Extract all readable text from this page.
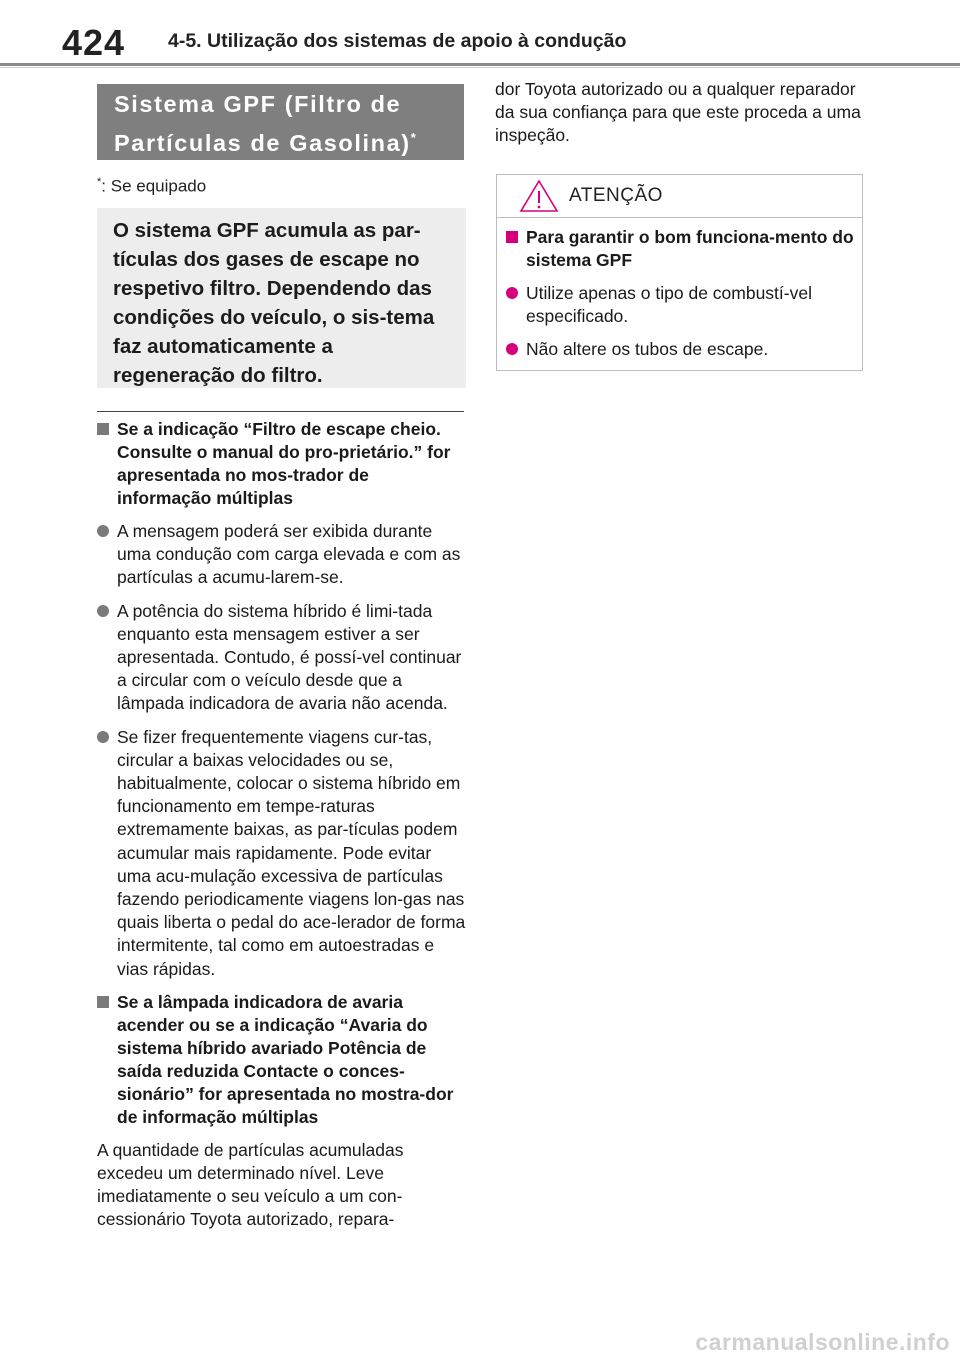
424 4-5. Utilização dos sistemas de apoio à condução
Sistema GPF (Filtro de
Partículas de Gasolina)*
*: Se equipado
O sistema GPF acumula as par-tículas dos gases de escape no respetivo filtro. Dependendo das condições do veículo, o sis-tema faz automaticamente a regeneração do filtro.
Se a indicação “Filtro de escape cheio. Consulte o manual do pro-prietário.” for apresentada no mos-trador de informação múltiplas
A mensagem poderá ser exibida durante uma condução com carga elevada e com as partículas a acumu-larem-se.
A potência do sistema híbrido é limi-tada enquanto esta mensagem estiver a ser apresentada. Contudo, é possí-vel continuar a circular com o veículo desde que a lâmpada indicadora de avaria não acenda.
Se fizer frequentemente viagens cur-tas, circular a baixas velocidades ou se, habitualmente, colocar o sistema híbrido em funcionamento em tempe-raturas extremamente baixas, as par-tículas podem acumular mais rapidamente. Pode evitar uma acu-mulação excessiva de partículas fazendo periodicamente viagens lon-gas nas quais liberta o pedal do ace-lerador de forma intermitente, tal como em autoestradas e vias rápidas.
Se a lâmpada indicadora de avaria acender ou se a indicação “Avaria do sistema híbrido avariado Potência de saída reduzida Contacte o conces-sionário” for apresentada no mostra-dor de informação múltiplas
A quantidade de partículas acumuladas excedeu um determinado nível. Leve imediatamente o seu veículo a um con-cessionário Toyota autorizado, repara-
dor Toyota autorizado ou a qualquer reparador da sua confiança para que este proceda a uma inspeção.
ATENÇÃO
Para garantir o bom funciona-mento do sistema GPF
Utilize apenas o tipo de combustí-vel especificado.
Não altere os tubos de escape.
carmanualsonline.info
